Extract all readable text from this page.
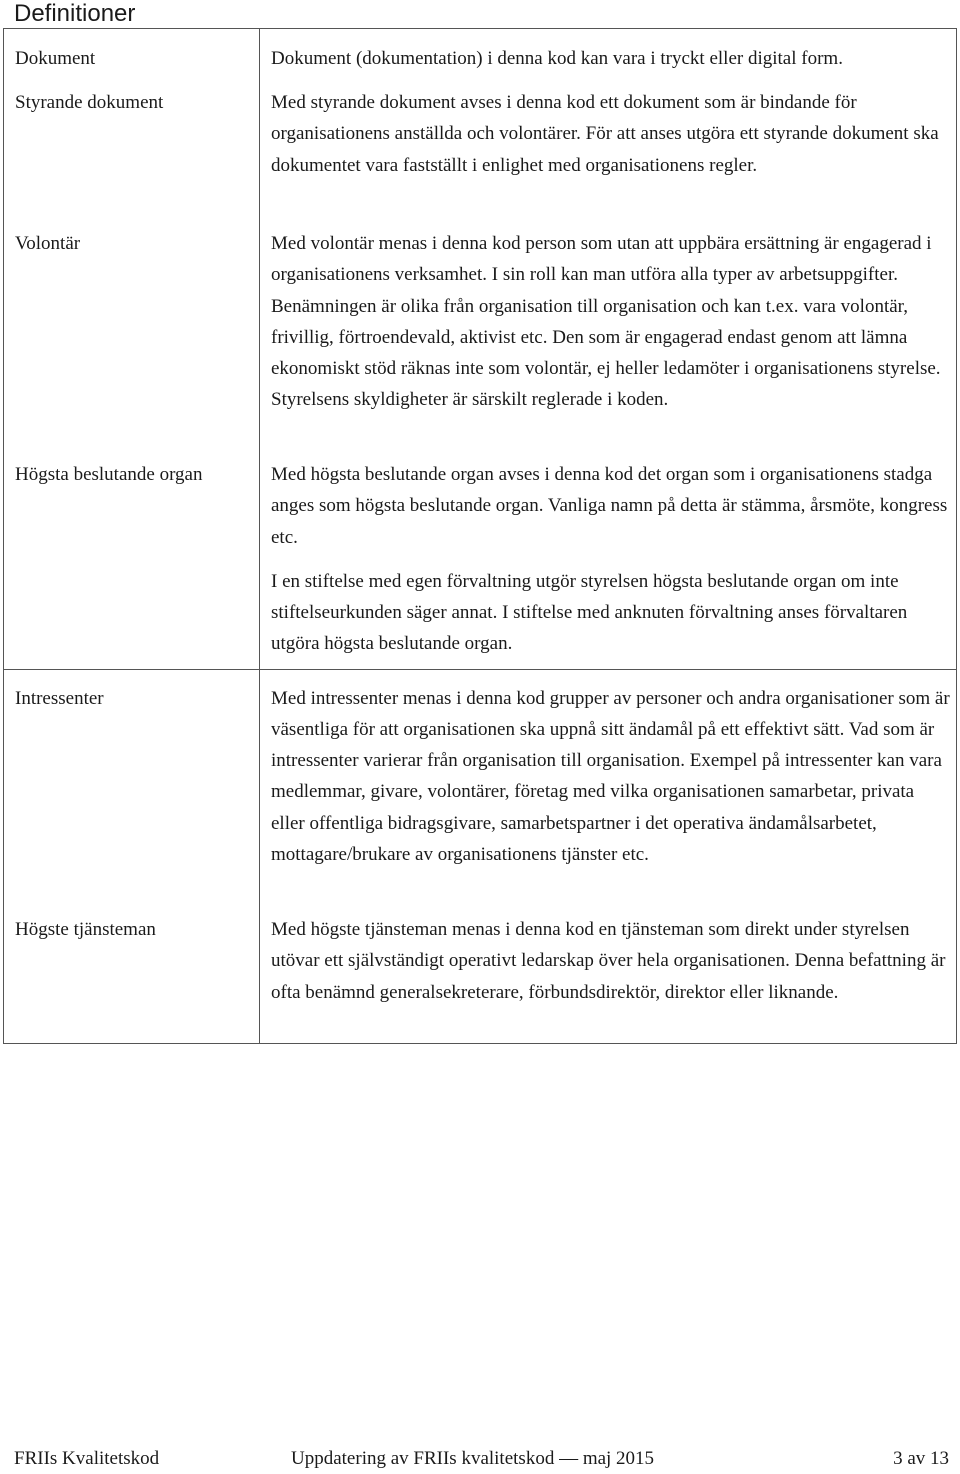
Definitioner
Dokument	Dokument (dokumentation) i denna kod kan vara i tryckt eller digital form.

Styrande dokument	Med styrande dokument avses i denna kod ett dokument som är bindande för organisationens anställda och volontärer. För att anses utgöra ett styrande dokument ska dokumentet vara fastställt i enlighet med organisationens regler.

Volontär	Med volontär menas i denna kod person som utan att uppbära ersättning är engagerad i organisationens verksamhet. I sin roll kan man utföra alla typer av arbetsuppgifter. Benämningen är olika från organisation till organisation och kan t.ex. vara volontär, frivillig, förtroendevald, aktivist etc. Den som är engagerad endast genom att lämna ekonomiskt stöd räknas inte som volontär, ej heller ledamöter i organisationens styrelse. Styrelsens skyldigheter är särskilt reglerade i koden.

Högsta beslutande organ	Med högsta beslutande organ avses i denna kod det organ som i organisationens stadga anges som högsta beslutande organ. Vanliga namn på detta är stämma, årsmöte, kongress etc.

I en stiftelse med egen förvaltning utgör styrelsen högsta beslutande organ om inte stiftelseurkunden säger annat. I stiftelse med anknuten förvaltning anses förvaltaren utgöra högsta beslutande organ.

Intressenter	Med intressenter menas i denna kod grupper av personer och andra organisationer som är väsentliga för att organisationen ska uppnå sitt ändamål på ett effektivt sätt. Vad som är intressenter varierar från organisation till organisation. Exempel på intressenter kan vara medlemmar, givare, volontärer, företag med vilka organisationen samarbetar, privata eller offentliga bidragsgivare, samarbetspartner i det operativa ändamålsarbetet, mottagare/brukare av organisationens tjänster etc.

Högste tjänsteman	Med högste tjänsteman menas i denna kod en tjänsteman som direkt under styrelsen utövar ett självständigt operativt ledarskap över hela organisationen. Denna befattning är ofta benämnd generalsekreterare, förbundsdirektör, direktor eller liknande.

FRIIs Kvalitetskod	Uppdatering av FRIIs kvalitetskod — maj 2015	3 av 13
